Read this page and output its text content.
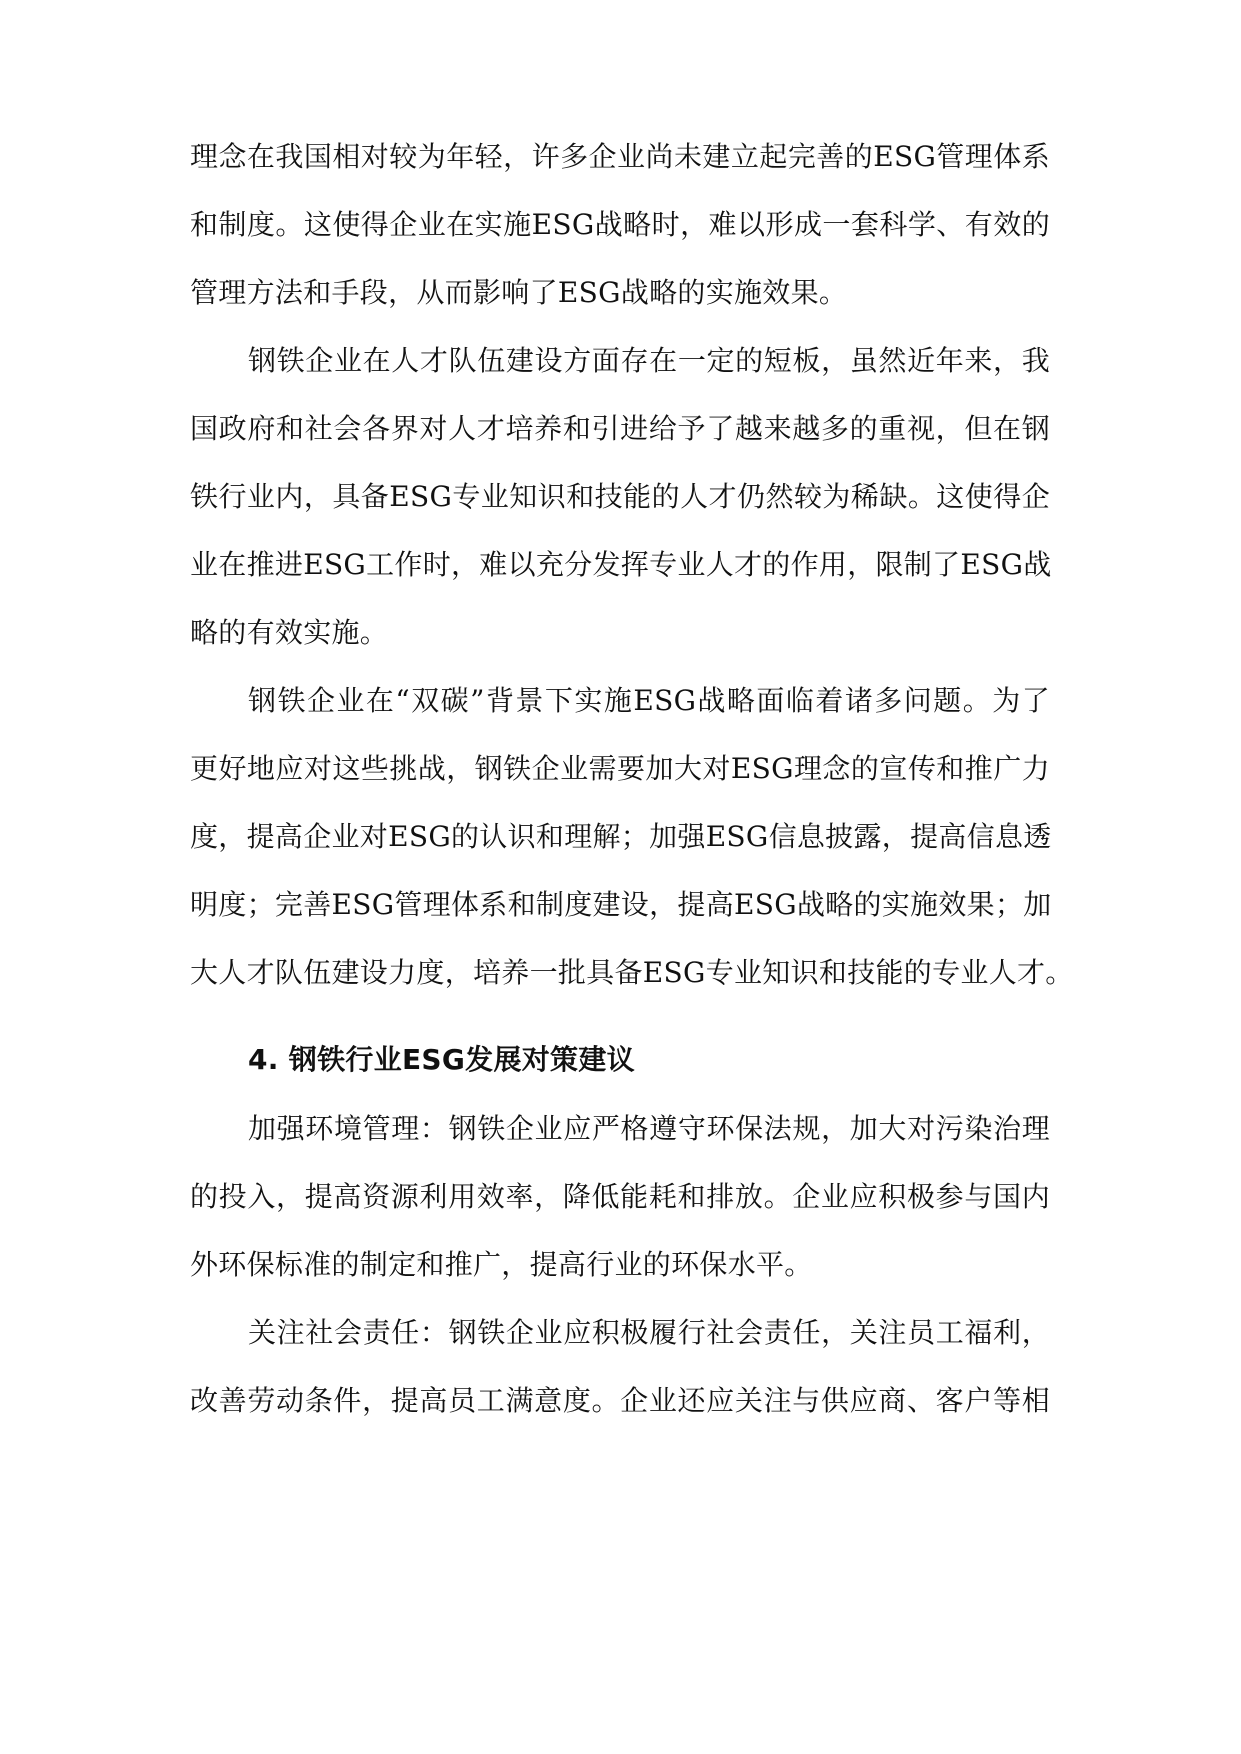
理念在我国相对较为年轻，许多企业尚未建立起完善的ESG管理体系
和制度。这使得企业在实施ESG战略时，难以形成一套科学、有效的
管理方法和手段，从而影响了ESG战略的实施效果。
钢铁企业在人才队伍建设方面存在一定的短板，虽然近年来，我
国政府和社会各界对人才培养和引进给予了越来越多的重视，但在钢
铁行业内，具备ESG专业知识和技能的人才仍然较为稀缺。这使得企
业在推进ESG工作时，难以充分发挥专业人才的作用，限制了ESG战
略的有效实施。
钢铁企业在“双碳”背景下实施ESG战略面临着诸多问题。为了
更好地应对这些挑战，钢铁企业需要加大对ESG理念的宣传和推广力
度，提高企业对ESG的认识和理解；加强ESG信息披露，提高信息透
明度；完善ESG管理体系和制度建设，提高ESG战略的实施效果；加
大人才队伍建设力度，培养一批具备ESG专业知识和技能的专业人才。
4. 钢铁行业ESG发展对策建议
加强环境管理：钢铁企业应严格遵守环保法规，加大对污染治理
的投入，提高资源利用效率，降低能耗和排放。企业应积极参与国内
外环保标准的制定和推广，提高行业的环保水平。
关注社会责任：钢铁企业应积极履行社会责任，关注员工福利，
改善劳动条件，提高员工满意度。企业还应关注与供应商、客户等相
